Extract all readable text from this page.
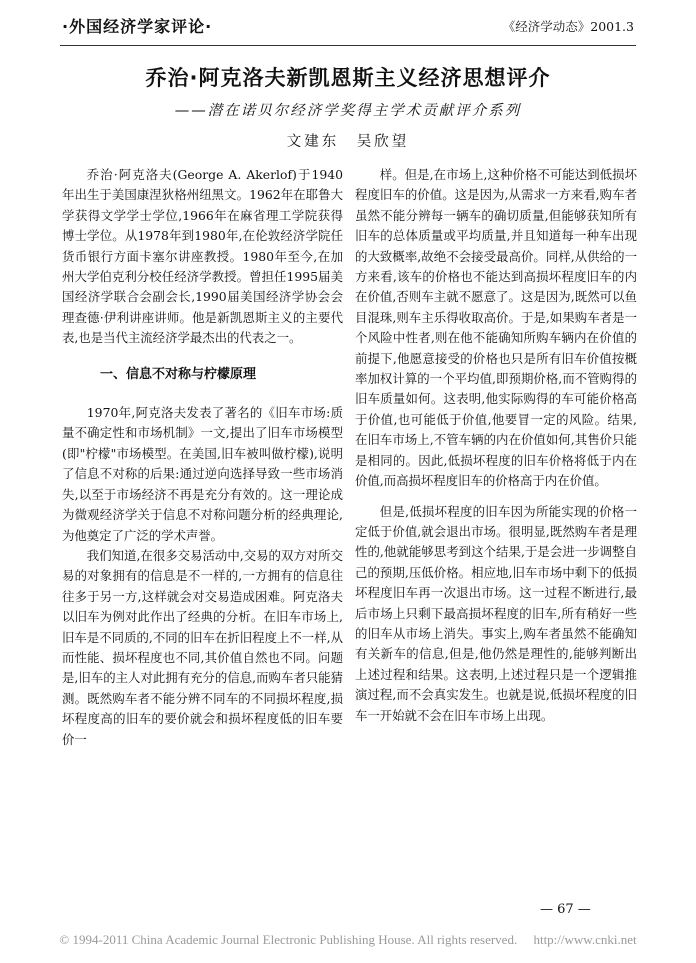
·外国经济学家评论·	《经济学动态》2001.3
乔治·阿克洛夫新凯恩斯主义经济思想评介
——潜在诺贝尔经济学奖得主学术贡献评介系列
文建东　吴欣望

乔治·阿克洛夫(George A. Akerlof)于1940年出生于美国康涅狄格州纽黑文。1962年在耶鲁大学获得文学学士学位,1966年在麻省理工学院获得博士学位。从1978年到1980年,在伦敦经济学院任货币银行方面卡塞尔讲座教授。1980年至今,在加州大学伯克利分校任经济学教授。曾担任1995届美国经济学联合会副会长,1990届美国经济学协会会理查德·伊利讲座讲师。他是新凯恩斯主义的主要代表,也是当代主流经济学最杰出的代表之一。

一、信息不对称与柠檬原理

1970年,阿克洛夫发表了著名的《旧车市场:质量不确定性和市场机制》一文,提出了旧车市场模型(即"柠檬"市场模型。在美国,旧车被叫做柠檬),说明了信息不对称的后果:通过逆向选择导致一些市场消失,以至于市场经济不再是充分有效的。这一理论成为微观经济学关于信息不对称问题分析的经典理论,为他奠定了广泛的学术声誉。

我们知道,在很多交易活动中,交易的双方对所交易的对象拥有的信息是不一样的,一方拥有的信息往往多于另一方,这样就会对交易造成困难。阿克洛夫以旧车为例对此作出了经典的分析。在旧车市场上,旧车是不同质的,不同的旧车在折旧程度上不一样,从而性能、损坏程度也不同,其价值自然也不同。问题是,旧车的主人对此拥有充分的信息,而购车者只能猜测。既然购车者不能分辨不同车的不同损坏程度,损坏程度高的旧车的要价就会和损坏程度低的旧车要价一

样。但是,在市场上,这种价格不可能达到低损坏程度旧车的价值。这是因为,从需求一方来看,购车者虽然不能分辨每一辆车的确切质量,但能够获知所有旧车的总体质量或平均质量,并且知道每一种车出现的大致概率,故绝不会接受最高价。同样,从供给的一方来看,该车的价格也不能达到高损坏程度旧车的内在价值,否则车主就不愿意了。这是因为,既然可以鱼目混珠,则车主乐得收取高价。于是,如果购车者是一个风险中性者,则在他不能确知所购车辆内在价值的前提下,他愿意接受的价格也只是所有旧车价值按概率加权计算的一个平均值,即预期价格,而不管购得的旧车质量如何。这表明,他实际购得的车可能价格高于价值,也可能低于价值,他要冒一定的风险。结果,在旧车市场上,不管车辆的内在价值如何,其售价只能是相同的。因此,低损坏程度的旧车价格将低于内在价值,而高损坏程度旧车的价格高于内在价值。

但是,低损坏程度的旧车因为所能实现的价格一定低于价值,就会退出市场。很明显,既然购车者是理性的,他就能够思考到这个结果,于是会进一步调整自己的预期,压低价格。相应地,旧车市场中剩下的低损坏程度旧车再一次退出市场。这一过程不断进行,最后市场上只剩下最高损坏程度的旧车,所有稍好一些的旧车从市场上消失。事实上,购车者虽然不能确知有关新车的信息,但是,他仍然是理性的,能够判断出上述过程和结果。这表明,上述过程只是一个逻辑推演过程,而不会真实发生。也就是说,低损坏程度的旧车一开始就不会在旧车市场上出现。

— 67 —
© 1994-2011 China Academic Journal Electronic Publishing House. All rights reserved.　 http://www.cnki.net
